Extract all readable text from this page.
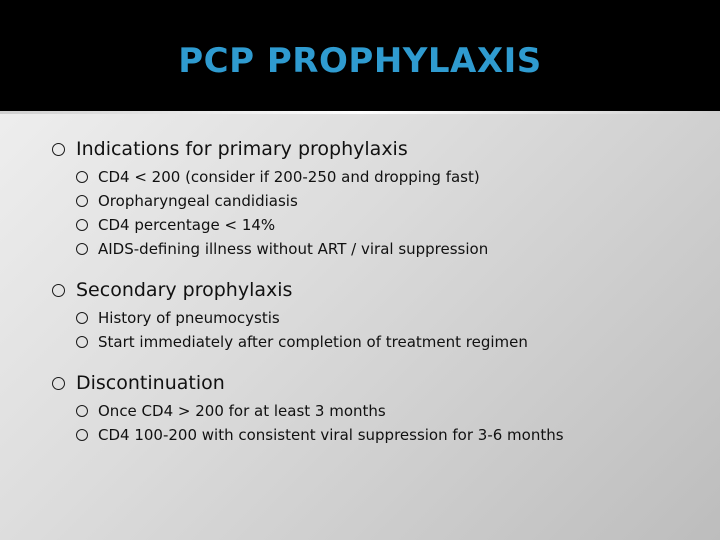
PCP PROPHYLAXIS
Indications for primary prophylaxis
CD4 < 200 (consider if 200-250 and dropping fast)
Oropharyngeal candidiasis
CD4 percentage < 14%
AIDS-defining illness without ART / viral suppression
Secondary prophylaxis
History of pneumocystis
Start immediately after completion of treatment regimen
Discontinuation
Once CD4 > 200 for at least 3 months
CD4 100-200 with consistent viral suppression for 3-6 months
